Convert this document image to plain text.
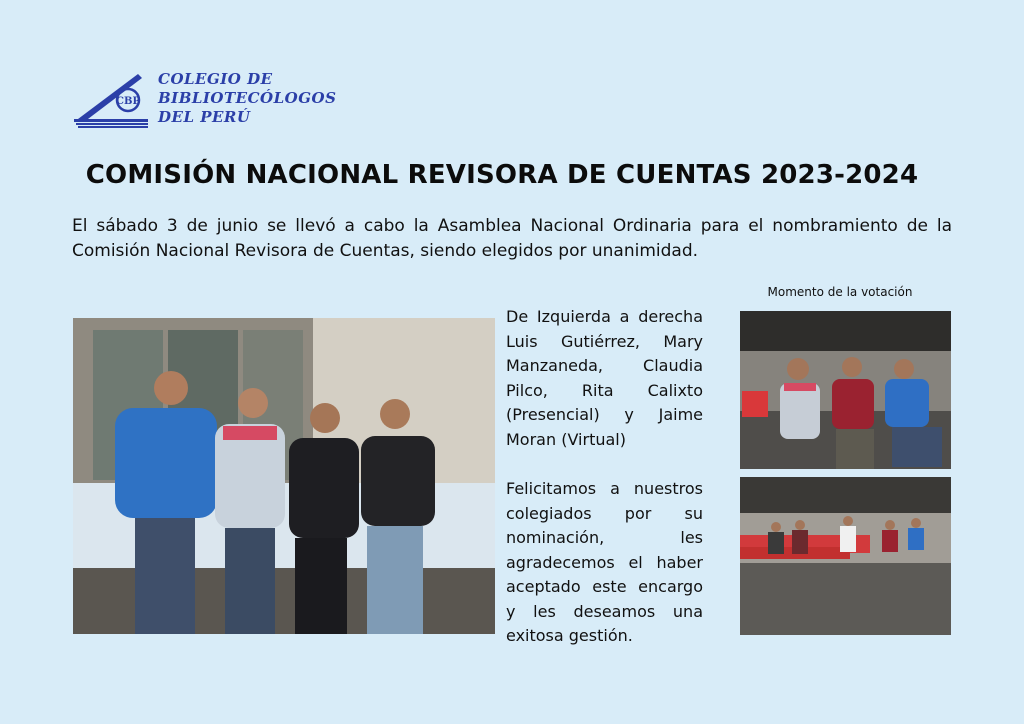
CBP
COLEGIO DE
BIBLIOTECÓLOGOS
DEL PERÚ
COMISIÓN NACIONAL REVISORA DE CUENTAS 2023-2024
El sábado 3 de junio se llevó a cabo la Asamblea Nacional Ordinaria para el nombramiento de la Comisión Nacional Revisora de Cuentas, siendo elegidos por unanimidad.
Momento de la votación
De Izquierda a derecha Luis Gutiérrez, Mary Manzaneda, Claudia Pilco, Rita Calixto (Presencial) y Jaime Moran (Virtual)
Felicitamos a nuestros colegiados por su nominación, les agradecemos el haber aceptado este encargo y les deseamos una exitosa gestión.
